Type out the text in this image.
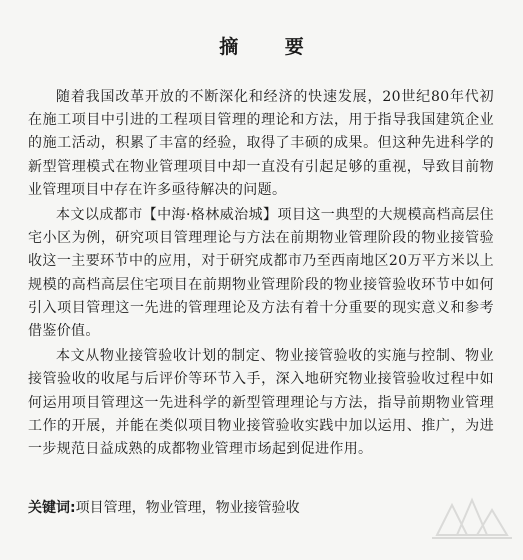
摘 要

随着我国改革开放的不断深化和经济的快速发展，20世纪80年代初在施工项目中引进的工程项目管理的理论和方法，用于指导我国建筑企业的施工活动，积累了丰富的经验，取得了丰硕的成果。但这种先进科学的新型管理模式在物业管理项目中却一直没有引起足够的重视，导致目前物业管理项目中存在许多亟待解决的问题。

本文以成都市【中海·格林威治城】项目这一典型的大规模高档高层住宅小区为例，研究项目管理理论与方法在前期物业管理阶段的物业接管验收这一主要环节中的应用，对于研究成都市乃至西南地区20万平方米以上规模的高档高层住宅项目在前期物业管理阶段的物业接管验收环节中如何引入项目管理这一先进的管理理论及方法有着十分重要的现实意义和参考借鉴价值。

本文从物业接管验收计划的制定、物业接管验收的实施与控制、物业接管验收的收尾与后评价等环节入手，深入地研究物业接管验收过程中如何运用项目管理这一先进科学的新型管理理论与方法，指导前期物业管理工作的开展，并能在类似项目物业接管验收实践中加以运用、推广，为进一步规范日益成熟的成都物业管理市场起到促进作用。

关键词:项目管理，物业管理，物业接管验收
